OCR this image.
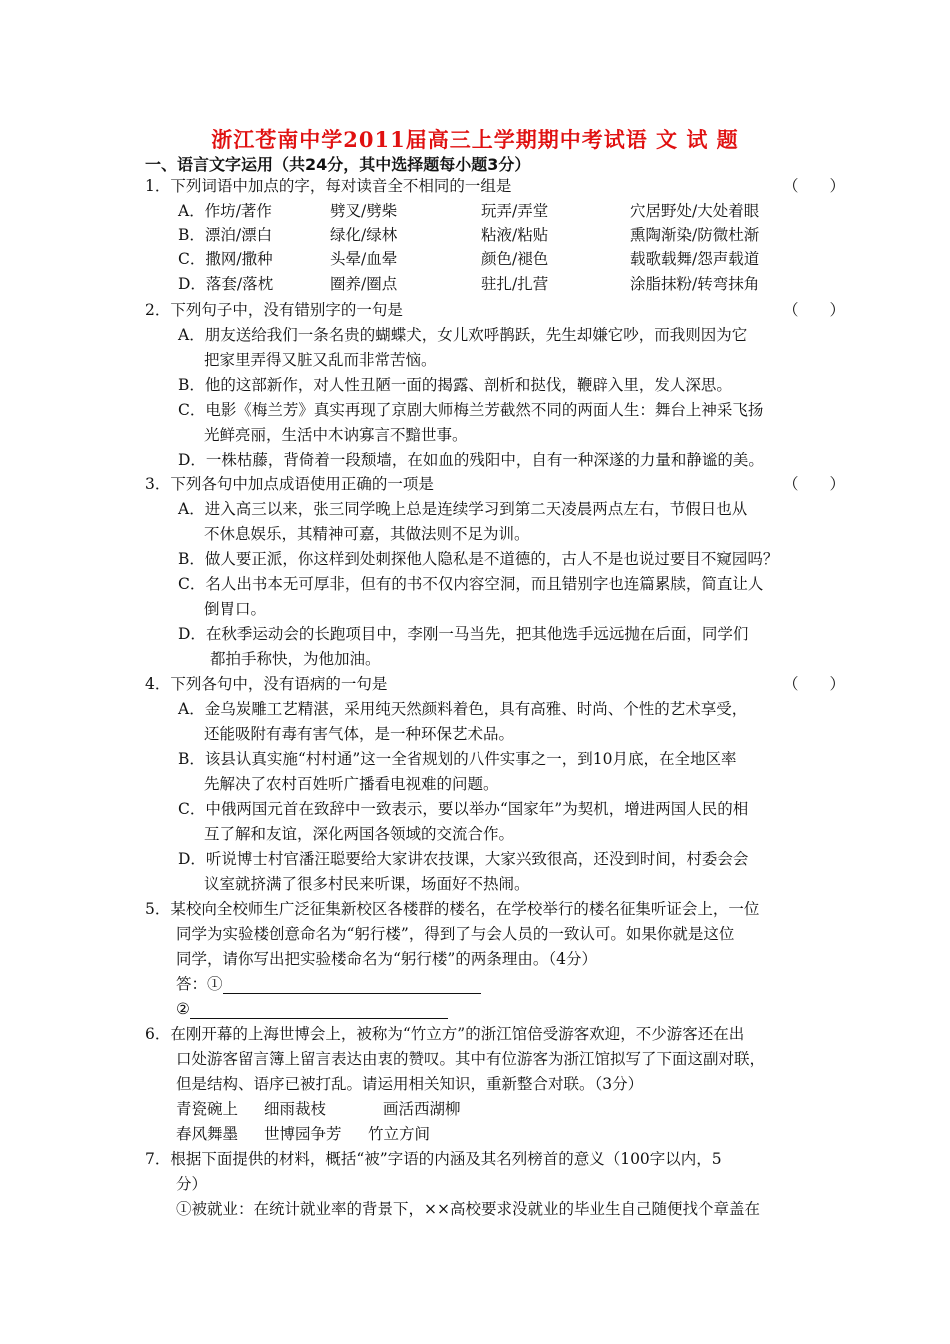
浙江苍南中学2011届高三上学期期中考试语 文 试 题
一、语言文字运用（共24分，其中选择题每小题3分）
1．下列词语中加点的字，每对读音全不相同的一组是	（　　）
A．作坊/著作	劈叉/劈柴	玩弄/弄堂	穴居野处/大处着眼
B．漂泊/漂白	绿化/绿林	粘液/粘贴	熏陶渐染/防微杜渐
C．撒网/撒种	头晕/血晕	颜色/褪色	载歌载舞/怨声载道
D．落套/落枕	圈养/圈点	驻扎/扎营	涂脂抹粉/转弯抹角
2．下列句子中，没有错别字的一句是	（　　）
A．朋友送给我们一条名贵的蝴蝶犬，女儿欢呼鹊跃，先生却嫌它吵，而我则因为它
把家里弄得又脏又乱而非常苦恼。
B．他的这部新作，对人性丑陋一面的揭露、剖析和挞伐，鞭辟入里，发人深思。
C．电影《梅兰芳》真实再现了京剧大师梅兰芳截然不同的两面人生：舞台上神采飞扬
光鲜亮丽，生活中木讷寡言不黯世事。
D．一株枯藤，背倚着一段颓墙，在如血的残阳中，自有一种深遂的力量和静谧的美。
3．下列各句中加点成语使用正确的一项是	（　　）
A．进入高三以来，张三同学晚上总是连续学习到第二天凌晨两点左右，节假日也从
不休息娱乐，其精神可嘉，其做法则不足为训。
B．做人要正派，你这样到处刺探他人隐私是不道德的，古人不是也说过要目不窥园吗？
C．名人出书本无可厚非，但有的书不仅内容空洞，而且错别字也连篇累牍，简直让人
倒胃口。
D．在秋季运动会的长跑项目中，李刚一马当先，把其他选手远远抛在后面，同学们
都拍手称快，为他加油。
4．下列各句中，没有语病的一句是	（　　）
A．金乌炭雕工艺精湛，采用纯天然颜料着色，具有高雅、时尚、个性的艺术享受，
还能吸附有毒有害气体，是一种环保艺术品。
B．该县认真实施“村村通”这一全省规划的八件实事之一，到10月底，在全地区率
先解决了农村百姓听广播看电视难的问题。
C．中俄两国元首在致辞中一致表示，要以举办“国家年”为契机，增进两国人民的相
互了解和友谊，深化两国各领域的交流合作。
D．听说博士村官潘汪聪要给大家讲农技课，大家兴致很高，还没到时间，村委会会
议室就挤满了很多村民来听课，场面好不热闹。
5．某校向全校师生广泛征集新校区各楼群的楼名，在学校举行的楼名征集听证会上，一位
同学为实验楼创意命名为“躬行楼”，得到了与会人员的一致认可。如果你就是这位
同学，请你写出把实验楼命名为“躬行楼”的两条理由。（4分）
答：①
②
6．在刚开幕的上海世博会上，被称为“竹立方”的浙江馆倍受游客欢迎，不少游客还在出
口处游客留言簿上留言表达由衷的赞叹。其中有位游客为浙江馆拟写了下面这副对联，
但是结构、语序已被打乱。请运用相关知识，重新整合对联。（3分）
青瓷碗上 细雨裁枝	画活西湖柳
春风舞墨 世博园争芳 竹立方间
7．根据下面提供的材料，概括“被”字语的内涵及其名列榜首的意义（100字以内，5
分）
①被就业：在统计就业率的背景下，××高校要求没就业的毕业生自己随便找个章盖在
